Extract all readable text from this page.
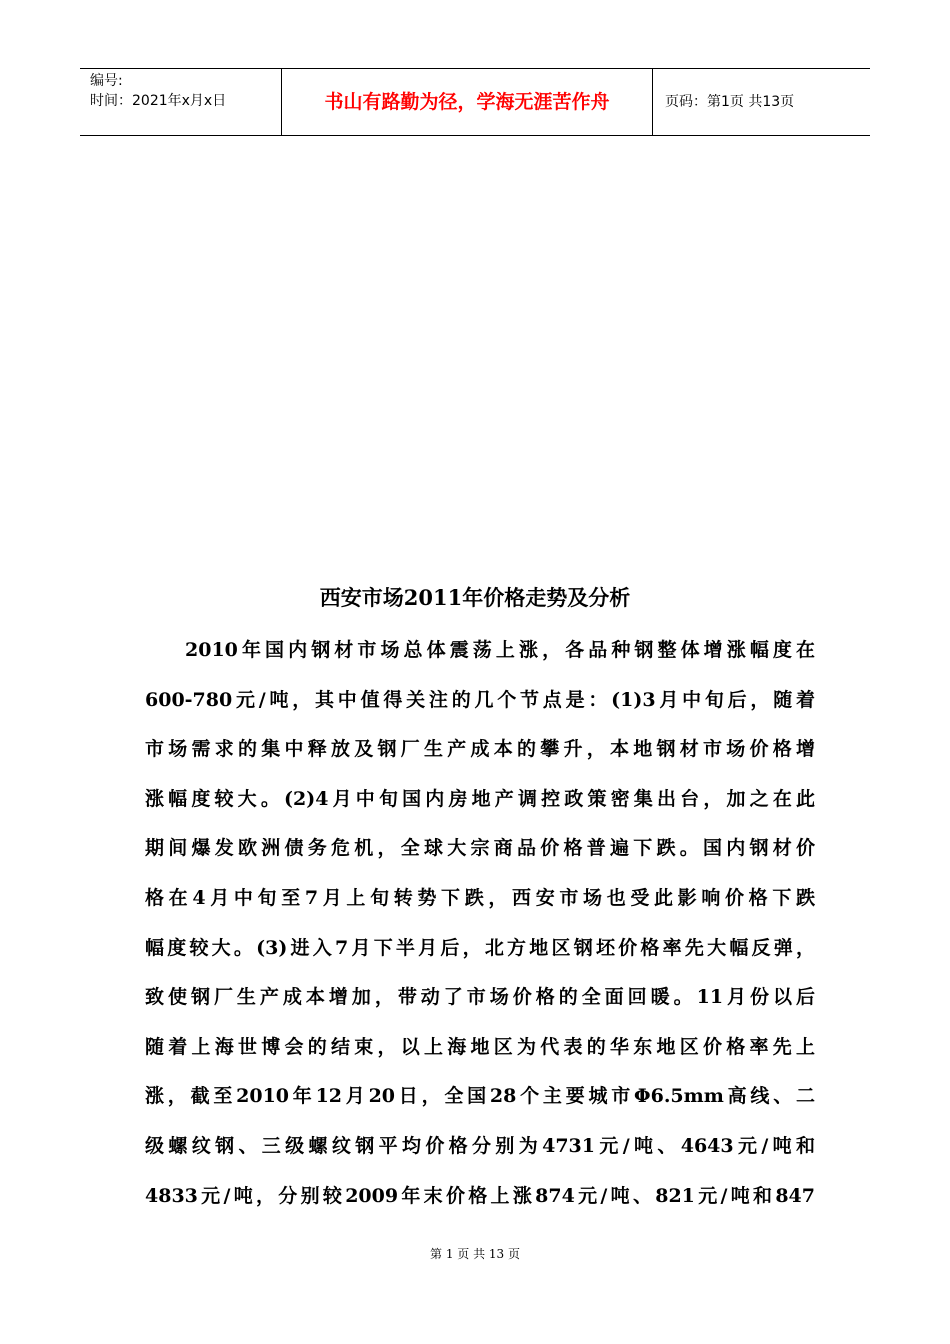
编号:
时间：2021年x月x日	书山有路勤为径，学海无涯苦作舟	页码：第1页 共13页
西安市场2011年价格走势及分析
2010年国内钢材市场总体震荡上涨，各品种钢整体增涨幅度在
600-780元/吨，其中值得关注的几个节点是：(1)3月中旬后，随着
市场需求的集中释放及钢厂生产成本的攀升，本地钢材市场价格增
涨幅度较大。(2)4月中旬国内房地产调控政策密集出台，加之在此
期间爆发欧洲债务危机，全球大宗商品价格普遍下跌。国内钢材价
格在4月中旬至7月上旬转势下跌，西安市场也受此影响价格下跌
幅度较大。(3)进入7月下半月后，北方地区钢坯价格率先大幅反弹，
致使钢厂生产成本增加，带动了市场价格的全面回暖。11月份以后
随着上海世博会的结束，以上海地区为代表的华东地区价格率先上
涨，截至2010年12月20日，全国28个主要城市Φ6.5mm高线、二
级螺纹钢、三级螺纹钢平均价格分别为4731元/吨、4643元/吨和
4833元/吨，分别较2009年末价格上涨874元/吨、821元/吨和847
第 1 页 共 13 页
